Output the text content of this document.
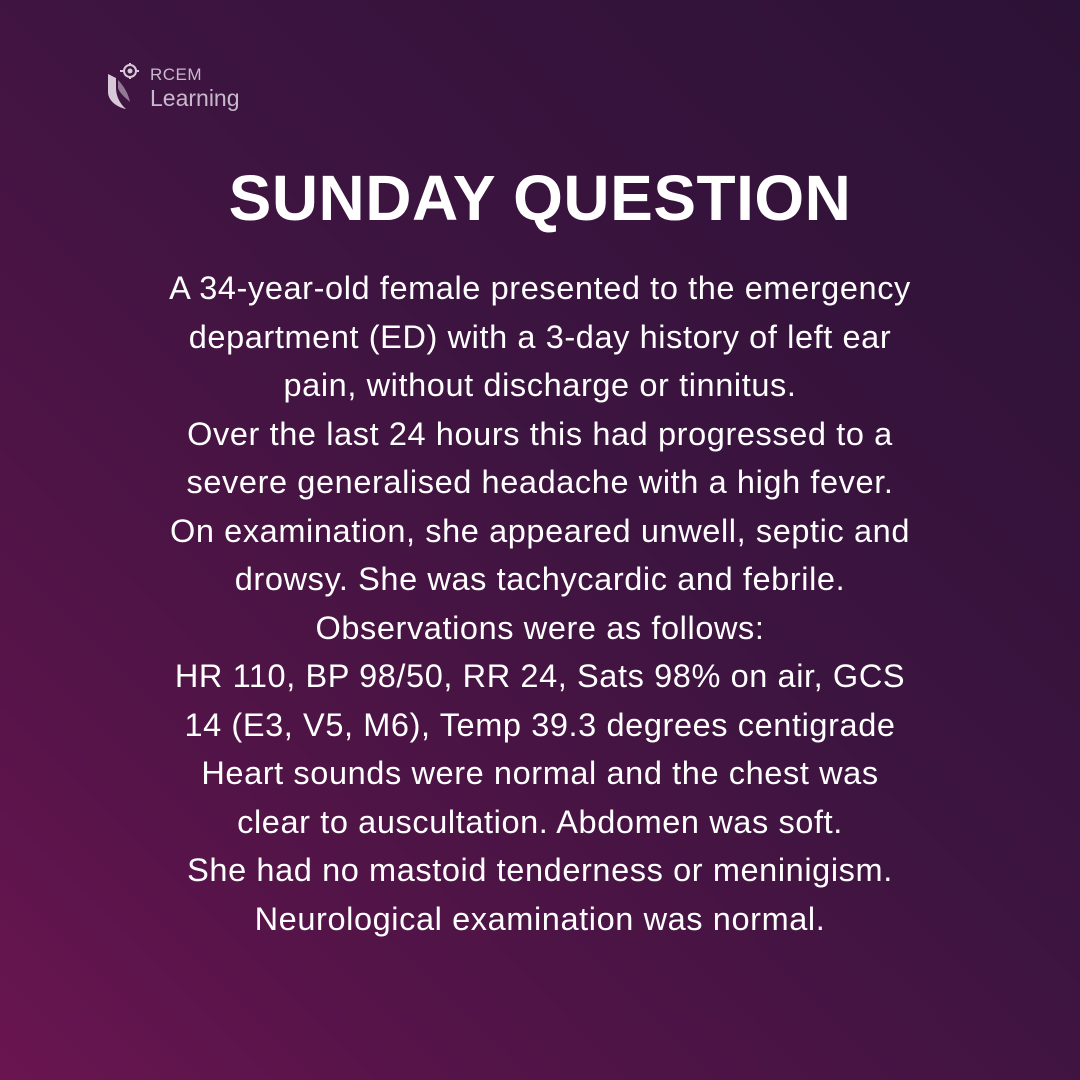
RCEM
Learning
SUNDAY QUESTION
A 34-year-old female presented to the emergency
department (ED) with a 3-day history of left ear
pain, without discharge or tinnitus.
Over the last 24 hours this had progressed to a
severe generalised headache with a high fever.
On examination, she appeared unwell, septic and
drowsy. She was tachycardic and febrile.
Observations were as follows:
HR 110, BP 98/50, RR 24, Sats 98% on air, GCS
14 (E3, V5, M6), Temp 39.3 degrees centigrade
Heart sounds were normal and the chest was
clear to auscultation. Abdomen was soft.
She had no mastoid tenderness or meninigism.
Neurological examination was normal.
